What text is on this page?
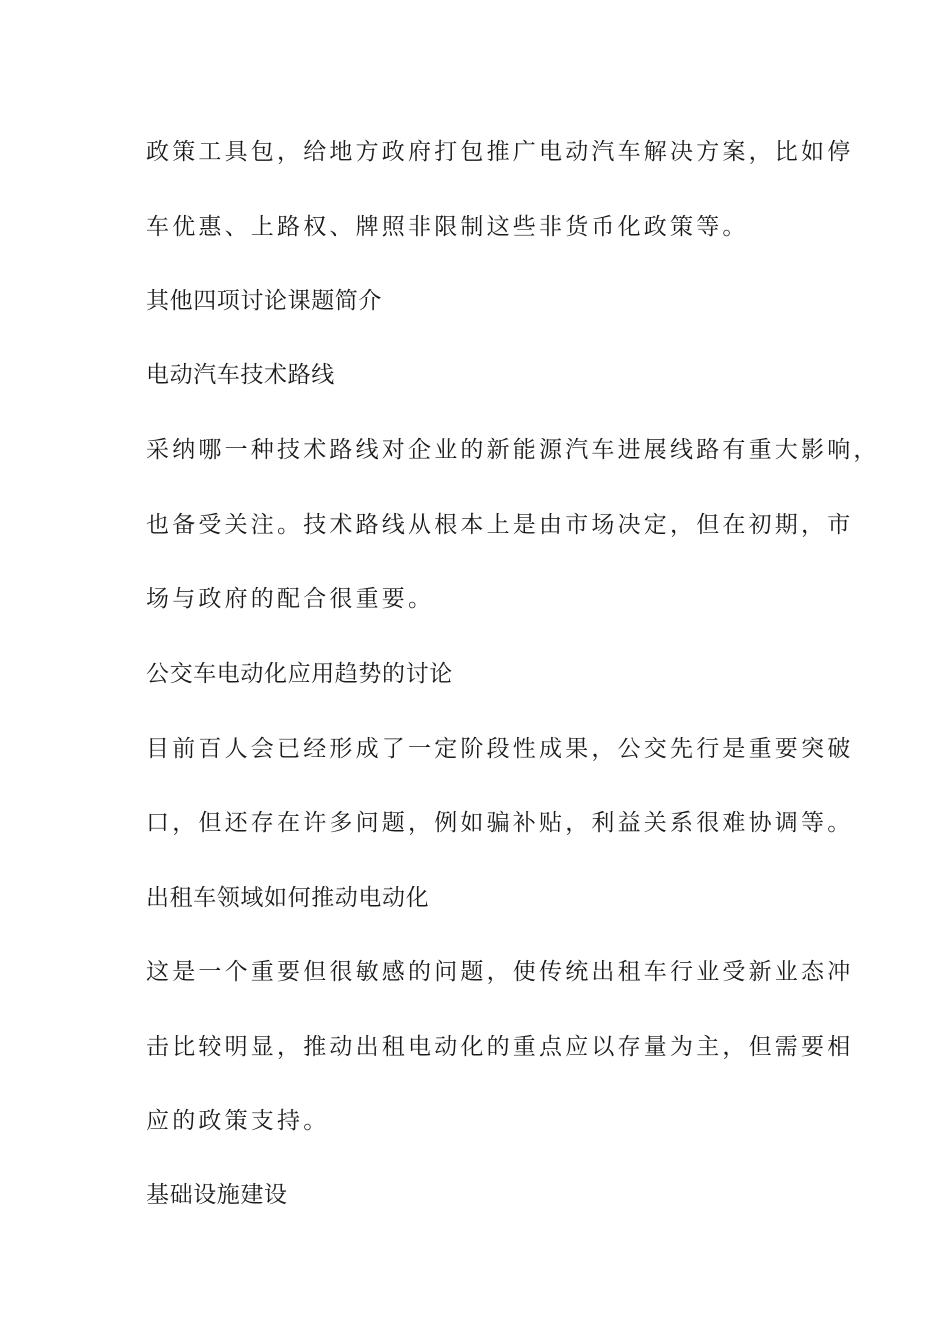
政策工具包，给地方政府打包推广电动汽车解决方案，比如停
车优惠、上路权、牌照非限制这些非货币化政策等。
其他四项讨论课题简介
电动汽车技术路线
采纳哪一种技术路线对企业的新能源汽车进展线路有重大影响，
也备受关注。技术路线从根本上是由市场决定，但在初期，市
场与政府的配合很重要。
公交车电动化应用趋势的讨论
目前百人会已经形成了一定阶段性成果，公交先行是重要突破
口，但还存在许多问题，例如骗补贴，利益关系很难协调等。
出租车领域如何推动电动化
这是一个重要但很敏感的问题，使传统出租车行业受新业态冲
击比较明显，推动出租电动化的重点应以存量为主，但需要相
应的政策支持。
基础设施建设
